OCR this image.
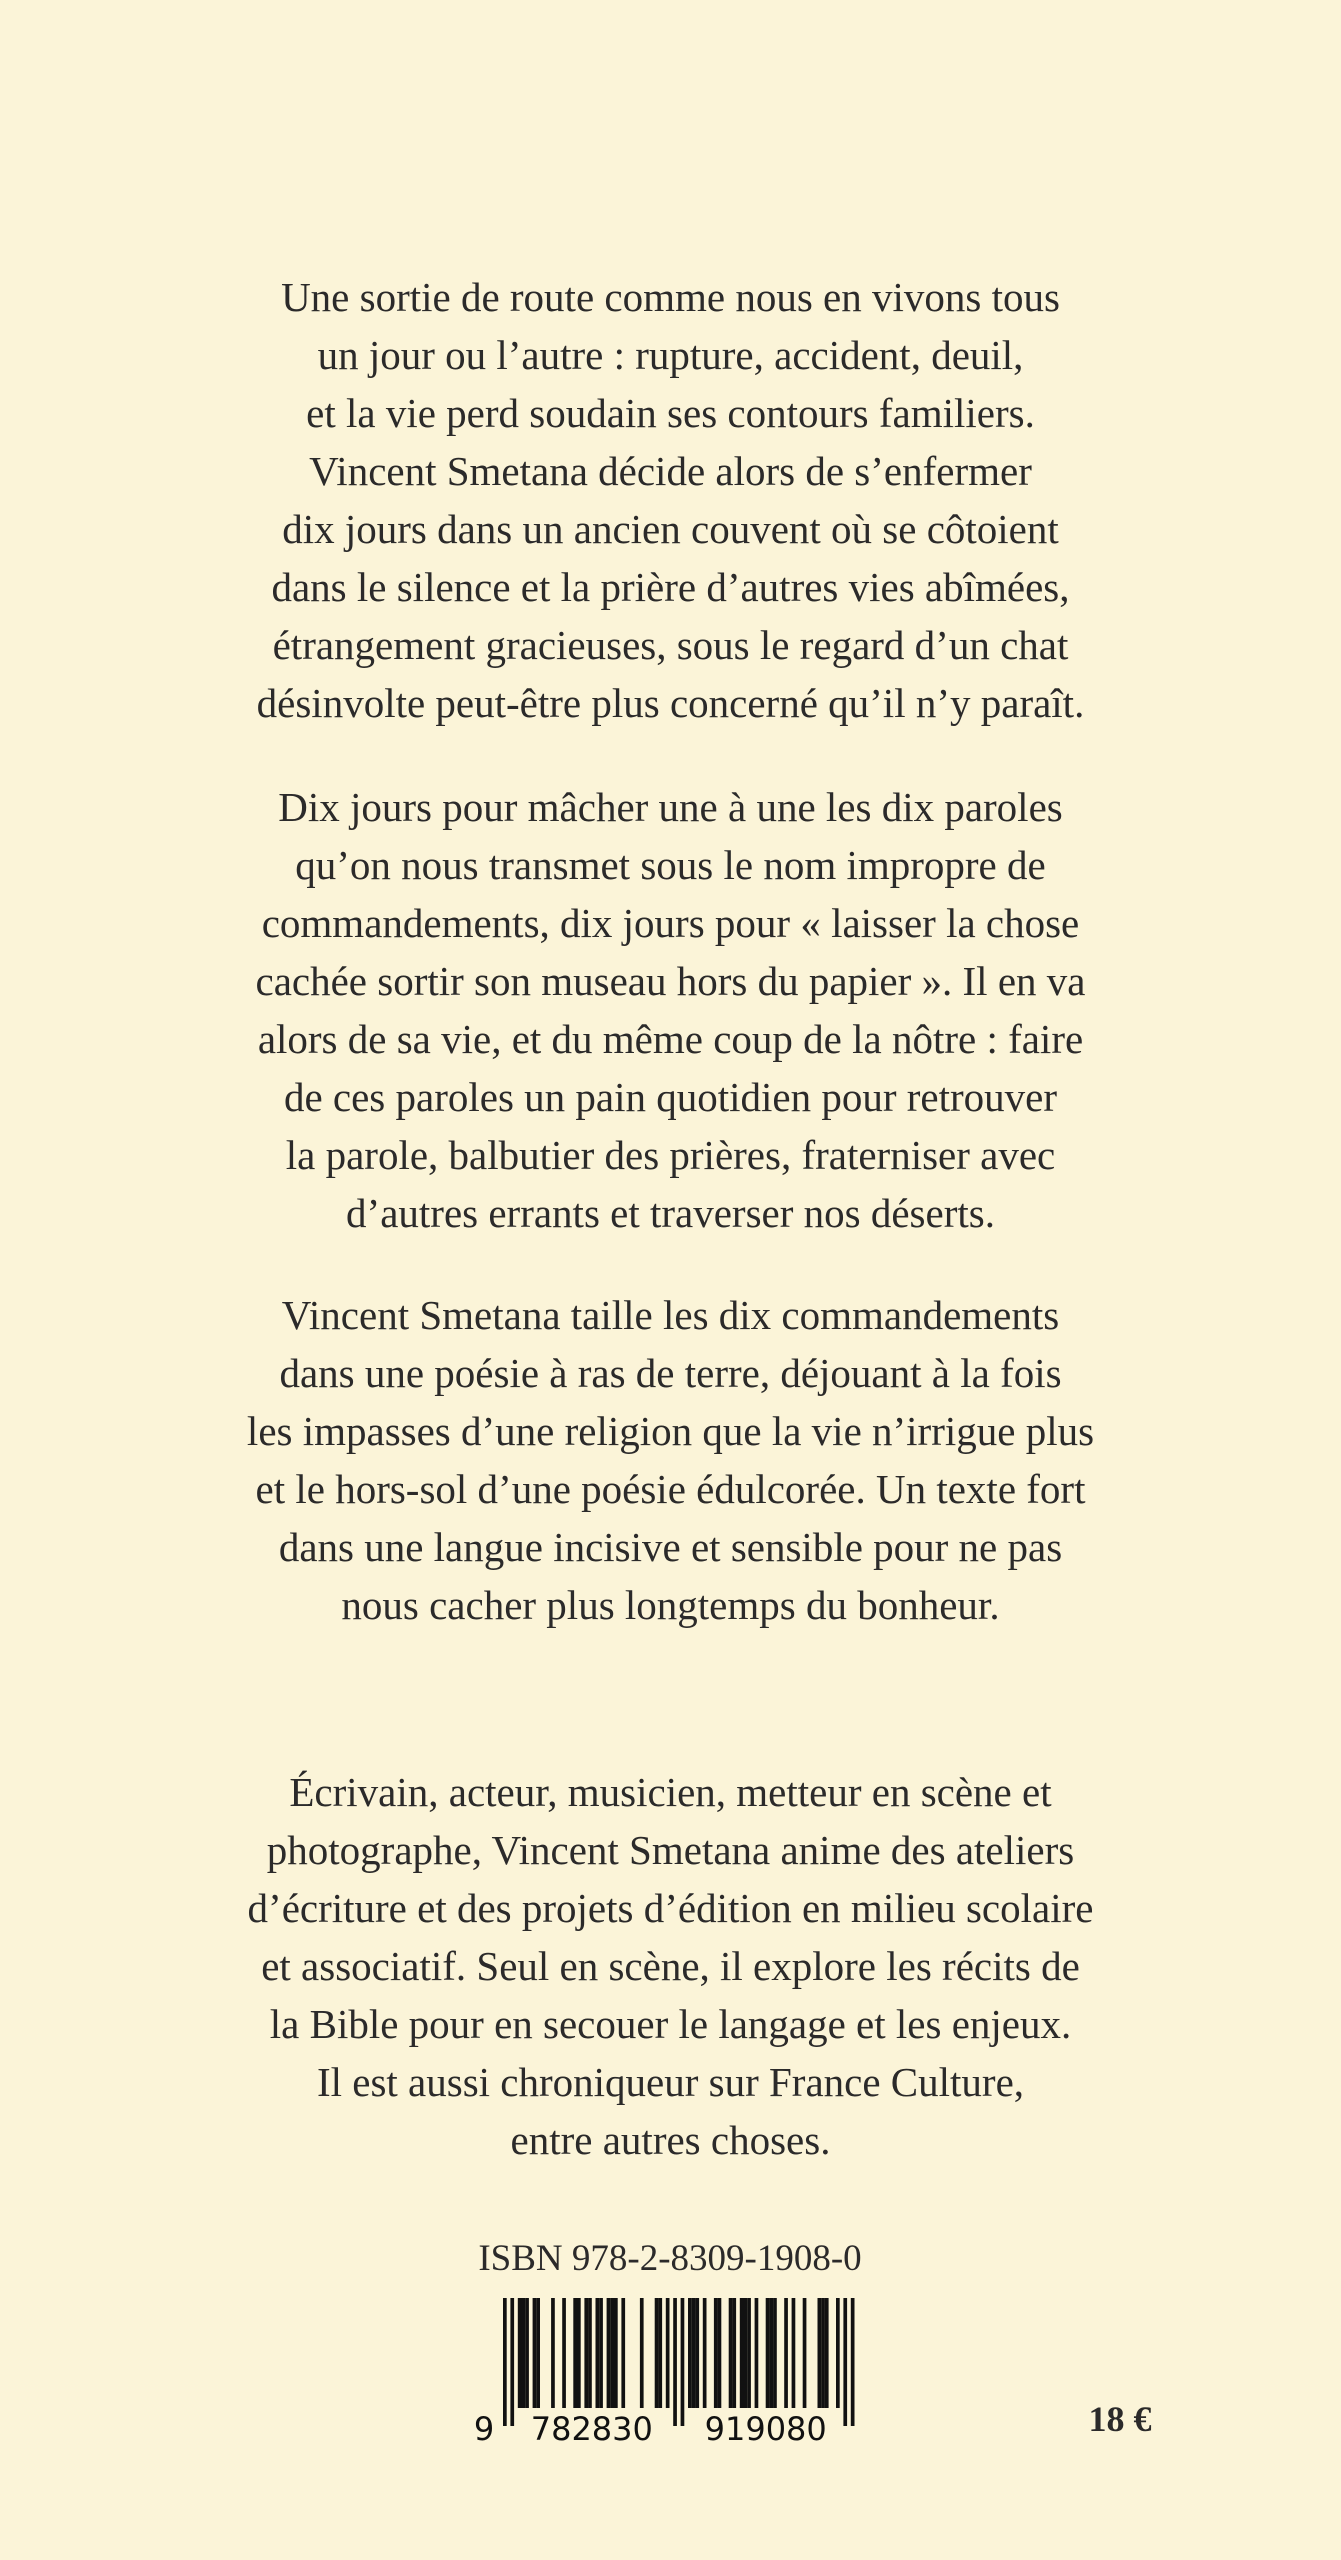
Une sortie de route comme nous en vivons tous
un jour ou l’autre : rupture, accident, deuil,
et la vie perd soudain ses contours familiers.
Vincent Smetana décide alors de s’enfermer
dix jours dans un ancien couvent où se côtoient
dans le silence et la prière d’autres vies abîmées,
étrangement gracieuses, sous le regard d’un chat
désinvolte peut-être plus concerné qu’il n’y paraît.
Dix jours pour mâcher une à une les dix paroles
qu’on nous transmet sous le nom impropre de
commandements, dix jours pour « laisser la chose
cachée sortir son museau hors du papier ». Il en va
alors de sa vie, et du même coup de la nôtre : faire
de ces paroles un pain quotidien pour retrouver
la parole, balbutier des prières, fraterniser avec
d’autres errants et traverser nos déserts.
Vincent Smetana taille les dix commandements
dans une poésie à ras de terre, déjouant à la fois
les impasses d’une religion que la vie n’irrigue plus
et le hors-sol d’une poésie édulcorée. Un texte fort
dans une langue incisive et sensible pour ne pas
nous cacher plus longtemps du bonheur.
Écrivain, acteur, musicien, metteur en scène et
photographe, Vincent Smetana anime des ateliers
d’écriture et des projets d’édition en milieu scolaire
et associatif. Seul en scène, il explore les récits de
la Bible pour en secouer le langage et les enjeux.
Il est aussi chroniqueur sur France Culture,
entre autres choses.
ISBN 978-2-8309-1908-0
9 782830 919080	18 €
